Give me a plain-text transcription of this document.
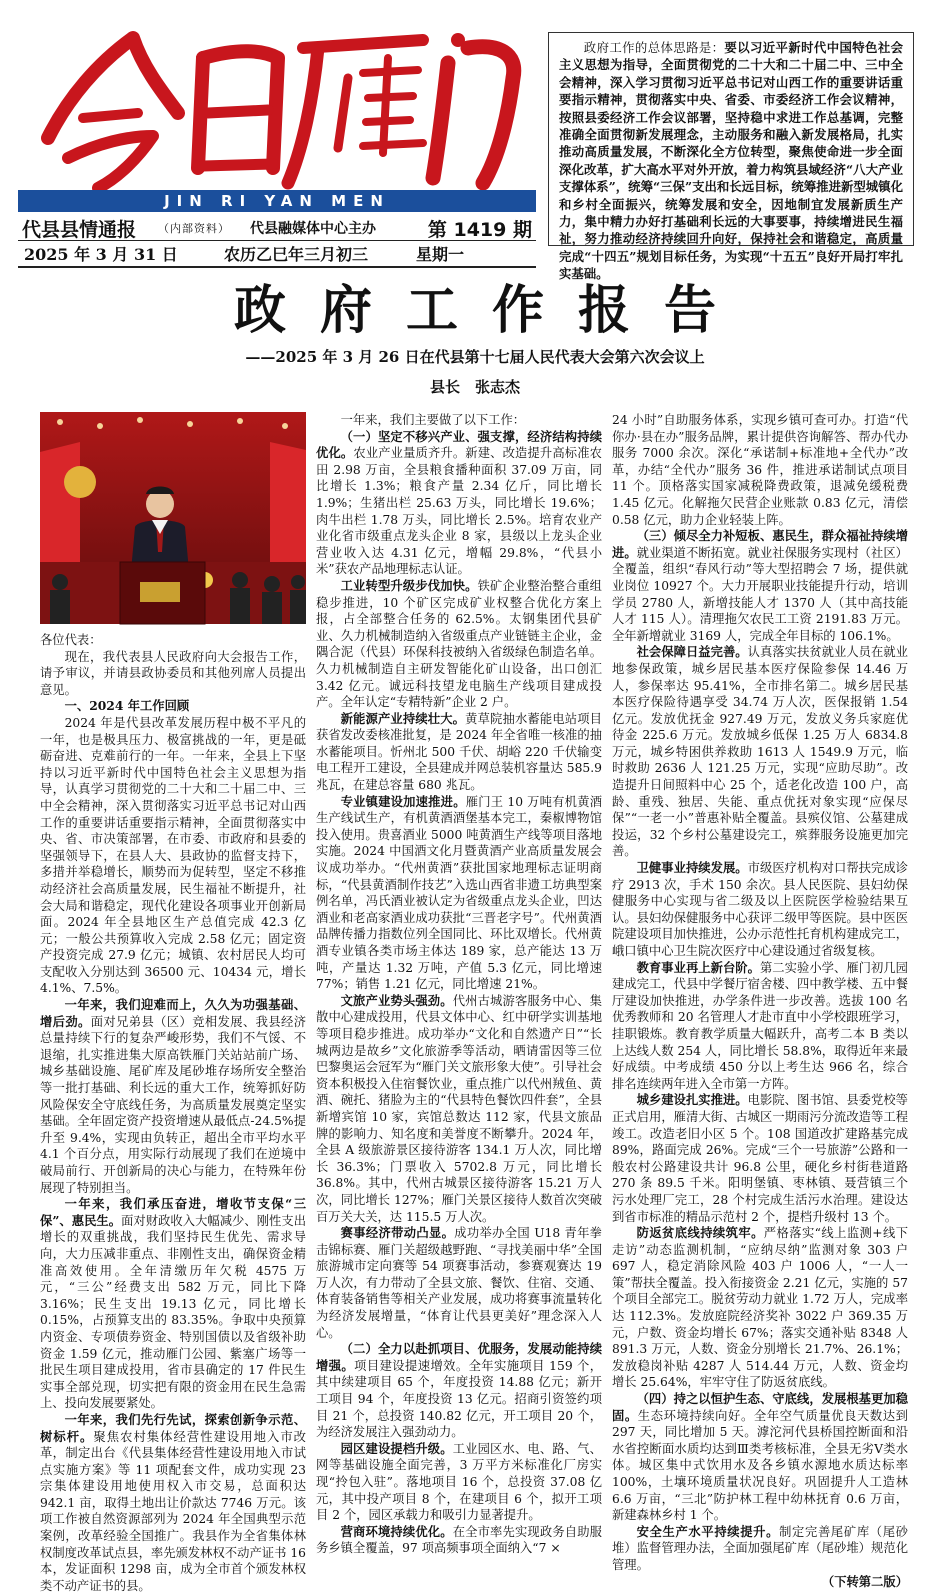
JIN RI YAN MEN
代县县情通报 （内部资料） 代县融媒体中心主办	第 1419 期
2025 年 3 月 31 日	农历乙巳年三月初三	星期一
政府工作的总体思路是：要以习近平新时代中国特色社会主义思想为指导，全面贯彻党的二十大和二十届二中、三中全会精神，深入学习贯彻习近平总书记对山西工作的重要讲话重要指示精神，贯彻落实中央、省委、市委经济工作会议精神，按照县委经济工作会议部署，坚持稳中求进工作总基调，完整准确全面贯彻新发展理念，主动服务和融入新发展格局，扎实推动高质量发展，不断深化全方位转型，聚焦使命进一步全面深化改革，扩大高水平对外开放，着力构筑县域经济“八大产业支撑体系”，统筹“三保”支出和长远目标，统筹推进新型城镇化和乡村全面振兴，统筹发展和安全，因地制宜发展新质生产力，集中精力办好打基础利长远的大事要事，持续增进民生福祉，努力推动经济持续回升向好，保持社会和谐稳定，高质量完成“十四五”规划目标任务，为实现“十五五”良好开局打牢扎实基础。
政府工作报告
——2025 年 3 月 26 日在代县第十七届人民代表大会第六次会议上
县长　张志杰

各位代表：

现在，我代表县人民政府向大会报告工作，请予审议，并请县政协委员和其他列席人员提出意见。

一、2024 年工作回顾

2024 年是代县改革发展历程中极不平凡的一年，也是极具压力、极富挑战的一年，更是砥砺奋进、克难前行的一年。一年来，全县上下坚持以习近平新时代中国特色社会主义思想为指导，认真学习贯彻党的二十大和二十届二中、三中全会精神，深入贯彻落实习近平总书记对山西工作的重要讲话重要指示精神，全面贯彻落实中央、省、市决策部署，在市委、市政府和县委的坚强领导下，在县人大、县政协的监督支持下，多措并举稳增长，顺势而为促转型，坚定不移推动经济社会高质量发展，民生福祉不断提升，社会大局和谐稳定，现代化建设各项事业开创新局面。2024 年全县地区生产总值完成 42.3 亿元；一般公共预算收入完成 2.58 亿元；固定资产投资完成 27.9 亿元；城镇、农村居民人均可支配收入分别达到 36500 元、10434 元，增长 4.1%、7.5%。

一年来，我们迎难而上，久久为功强基础、增后劲。面对兄弟县（区）竞相发展、我县经济总量持续下行的复杂严峻形势，我们不气馁、不退缩，扎实推进集大原高铁雁门关站站前广场、城乡基础设施、尾矿库及尾砂堆存场所安全整治等一批打基础、利长远的重大工作，统筹抓好防风险保安全守底线任务，为高质量发展奠定坚实基础。全年固定资产投资增速从最低点-24.5%提升至 9.4%，实现由负转正，超出全市平均水平 4.1 个百分点，用实际行动展现了我们在逆境中破局前行、开创新局的决心与能力，在特殊年份展现了特别担当。

一年来，我们承压奋进，增收节支保“三保”、惠民生。面对财政收入大幅减少、刚性支出增长的双重挑战，我们坚持民生优先、需求导向，大力压减非重点、非刚性支出，确保资金精准高效使用。全年清缴历年欠税 4575 万元，“三公”经费支出 582 万元，同比下降 3.16%；民生支出 19.13 亿元，同比增长 0.15%，占预算支出的 83.35%。争取中央预算内资金、专项债券资金、特别国债以及省级补助资金 1.59 亿元，推动雁门公园、紫塞广场等一批民生项目建成投用，省市县确定的 17 件民生实事全部兑现，切实把有限的资金用在民生急需上、投向发展要紧处。

一年来，我们先行先试，探索创新争示范、树标杆。聚焦农村集体经营性建设用地入市改革，制定出台《代县集体经营性建设用地入市试点实施方案》等 11 项配套文件，成功实现 23 宗集体建设用地使用权入市交易，总面积达 942.1 亩，取得土地出让价款达 7746 万元。该项工作被自然资源部列为 2024 年全国典型示范案例，改革经验全国推广。我县作为全省集体林权制度改革试点县，率先颁发林权不动产证书 16 本，发证面积 1298 亩，成为全市首个颁发林权类不动产证书的县。

一年来，我们主要做了以下工作：

（一）坚定不移兴产业、强支撑，经济结构持续优化。农业产业量质齐升。新建、改造提升高标准农田 2.98 万亩，全县粮食播种面积 37.09 万亩，同比增长 1.3%；粮食产量 2.34 亿斤，同比增长 1.9%；生猪出栏 25.63 万头，同比增长 19.6%；肉牛出栏 1.78 万头，同比增长 2.5%。培育农业产业化省市级重点龙头企业 8 家，县级以上龙头企业营业收入达 4.31 亿元，增幅 29.8%，“代县小米”获农产品地理标志认证。

工业转型升级步伐加快。铁矿企业整治整合重组稳步推进，10 个矿区完成矿业权整合优化方案上报，占全部整合任务的 62.5%。太钢集团代县矿业、久力机械制造纳入省级重点产业链链主企业，金隅合泥（代县）环保科技被纳入省级绿色制造名单。久力机械制造自主研发智能化矿山设备，出口创汇 3.42 亿元。诚远科技望龙电脑生产线项目建成投产。全年认定“专精特新”企业 2 户。

新能源产业持续壮大。黄草院抽水蓄能电站项目获省发改委核准批复，是 2024 年全省唯一核准的抽水蓄能项目。忻州北 500 千伏、胡峪 220 千伏输变电工程开工建设，全县建成并网总装机容量达 585.9 兆瓦，在建总容量 680 兆瓦。

专业镇建设加速推进。雁门王 10 万吨有机黄酒生产线试生产，有机黄酒酒堡基本完工，秦椒博物馆投入使用。贵喜酒业 5000 吨黄酒生产线等项目落地实施。2024 中国酒文化月暨黄酒产业高质量发展会议成功举办。“代州黄酒”获批国家地理标志证明商标，“代县黄酒制作技艺”入选山西省非遗工坊典型案例名单，冯氏酒业被认定为省级重点龙头企业，凹达酒业和老高家酒业成功获批“三晋老字号”。代州黄酒品牌传播力指数位列全国同比、环比双增长。代州黄酒专业镇各类市场主体达 189 家，总产能达 13 万吨，产量达 1.32 万吨，产值 5.3 亿元，同比增速 77%；销售 1.21 亿元，同比增速 21%。

文旅产业势头强劲。代州古城游客服务中心、集散中心建成投用，代县文体中心、红中研学实训基地等项目稳步推进。成功举办“文化和自然遗产日”“长城两边是故乡”文化旅游季等活动，晒请雷因等三位巴黎奥运会冠军为“雁门关文旅形象大使”。引导社会资本积极投入住宿餐饮业，重点推广以代州羢鱼、黄酒、碗托、猪脸为主的“代县特色餐饮四件套”，全县新增宾馆 10 家，宾馆总数达 112 家，代县文旅品牌的影响力、知名度和美誉度不断攀升。2024 年，全县 A 级旅游景区接待游客 134.1 万人次，同比增长 36.3%；门票收入 5702.8 万元，同比增长 36.8%。其中，代州古城景区接待游客 15.21 万人次，同比增长 127%；雁门关景区接待人数首次突破百万关大关，达 115.5 万人次。

赛事经济带动凸显。成功举办全国 U18 青年拳击锦标赛、雁门关超级越野跑、“寻找美丽中华”全国旅游城市定向赛等 54 项赛事活动，参赛观赛达 19 万人次，有力带动了全县文旅、餐饮、住宿、交通、体育装备销售等相关产业发展，成功将赛事流量转化为经济发展增量，“体育让代县更美好”理念深入人心。

（二）全力以赴抓项目、优服务，发展动能持续增强。项目建设提速增效。全年实施项目 159 个，其中续建项目 65 个，年度投资 14.88 亿元；新开工项目 94 个，年度投资 13 亿元。招商引资签约项目 21 个，总投资 140.82 亿元，开工项目 20 个，为经济发展注入强劲动力。

园区建设提档升级。工业园区水、电、路、气、网等基础设施全面完善，3 万平方米标准化厂房实现“拎包入驻”。落地项目 16 个，总投资 37.08 亿元，其中投产项目 8 个，在建项目 6 个，拟开工项目 2 个，园区承载力和吸引力显著提升。

营商环境持续优化。在全市率先实现政务自助服务乡镇全覆盖，97 项高频事项全面纳入“7 ×

24 小时”自助服务体系，实现乡镇可查可办。打造“代你办·县在办”服务品牌，累计提供咨询解答、帮办代办服务 7000 余次。深化“承诺制+标准地+全代办”改革，办结“全代办”服务 36 件，推进承诺制试点项目 11 个。顶格落实国家减税降费政策，退减免缓税费 1.45 亿元。化解拖欠民营企业账款 0.83 亿元，清偿 0.58 亿元，助力企业轻装上阵。

（三）倾尽全力补短板、惠民生，群众福祉持续增进。就业渠道不断拓宽。就业社保服务实现村（社区）全覆盖，组织“春风行动”等大型招聘会 7 场，提供就业岗位 10927 个。大力开展职业技能提升行动，培训学员 2780 人，新增技能人才 1370 人（其中高技能人才 115 人）。清理拖欠农民工工资 2191.83 万元。全年新增就业 3169 人，完成全年目标的 106.1%。

社会保障日益完善。认真落实扶贫就业人员在就业地参保政策，城乡居民基本医疗保险参保 14.46 万人，参保率达 95.41%，全市排名第二。城乡居民基本医疗保险待遇享受 34.74 万人次，医保报销 1.54 亿元。发放优抚金 927.49 万元，发放义务兵家庭优待金 225.6 万元。发放城乡低保 1.25 万人 6834.8 万元，城乡特困供养救助 1613 人 1549.9 万元，临时救助 2636 人 121.25 万元，实现“应助尽助”。改造提升日间照料中心 25 个，适老化改造 100 户，高龄、重残、独居、失能、重点优抚对象实现“应保尽保”“一老一小”普惠补贴全覆盖。县殡仪馆、公墓建成投运，32 个乡村公墓建设完工，殡葬服务设施更加完善。

卫健事业持续发展。市级医疗机构对口帮扶完成诊疗 2913 次，手术 150 余次。县人民医院、县妇幼保健服务中心实现与省二级及以上医院医学检验结果互认。县妇幼保健服务中心获评二级甲等医院。县中医医院建设项目加快推进，公办示范性托育机构建成完工，峨口镇中心卫生院次医疗中心建设通过省级复核。

教育事业再上新台阶。第二实验小学、雁门初几园建成完工，代县中学餐厅宿舍楼、四中教学楼、五中餐厅建设加快推进，办学条件进一步改善。选拔 100 名优秀教师和 20 名管理人才赴市直中小学校跟班学习，挂职锻炼。教育教学质量大幅跃升，高考二本 B 类以上达线人数 254 人，同比增长 58.8%，取得近年来最好成绩。中考成绩 450 分以上考生达 966 名，综合排名连续两年进入全市第一方阵。

城乡建设扎实推进。电影院、图书馆、县委党校等正式启用，雁清大街、古城区一期雨污分流改造等工程竣工。改造老旧小区 5 个。108 国道改扩建路基完成 89%，路面完成 26%。完成“三个一号旅游”公路和一般农村公路建设共计 96.8 公里，硬化乡村街巷道路 270 条 89.5 千米。阳明堡镇、枣林镇、聂营镇三个污水处理厂完工，28 个村完成生活污水治理。建设达到省市标准的精品示范村 2 个，提档升级村 13 个。

防返贫底线持续筑牢。严格落实“线上监测+线下走访”动态监测机制，“应纳尽纳”监测对象 303 户 697 人，稳定消除风险 403 户 1006 人，“一人一策”帮扶全覆盖。投入衔接资金 2.21 亿元，实施的 57 个项目全部完工。脱贫劳动力就业 1.72 万人，完成率达 112.3%。发放庭院经济奖补 3022 户 369.35 万元，户数、资金均增长 67%；落实交通补贴 8348 人 891.3 万元，人数、资金分别增长 21.7%、26.1%；发放稳岗补贴 4287 人 514.44 万元，人数、资金均增长 25.64%，牢牢守住了防返贫底线。

（四）持之以恒护生态、守底线，发展根基更加稳固。生态环境持续向好。全年空气质量优良天数达到 297 天，同比增加 5 天。滹沱河代县桥国控断面和沿水省控断面水质均达到Ⅲ类考核标准，全县无劣Ⅴ类水体。城区集中式饮用水及各乡镇水源地水质达标率 100%，土壤环境质量状况良好。巩固提升人工造林 6.6 万亩，“三北”防护林工程中幼林抚育 0.6 万亩，新建森林乡村 1 个。

安全生产水平持续提升。制定完善尾矿库（尾砂堆）监督管理办法，全面加强尾矿库（尾砂堆）规范化管理。

（下转第二版）
